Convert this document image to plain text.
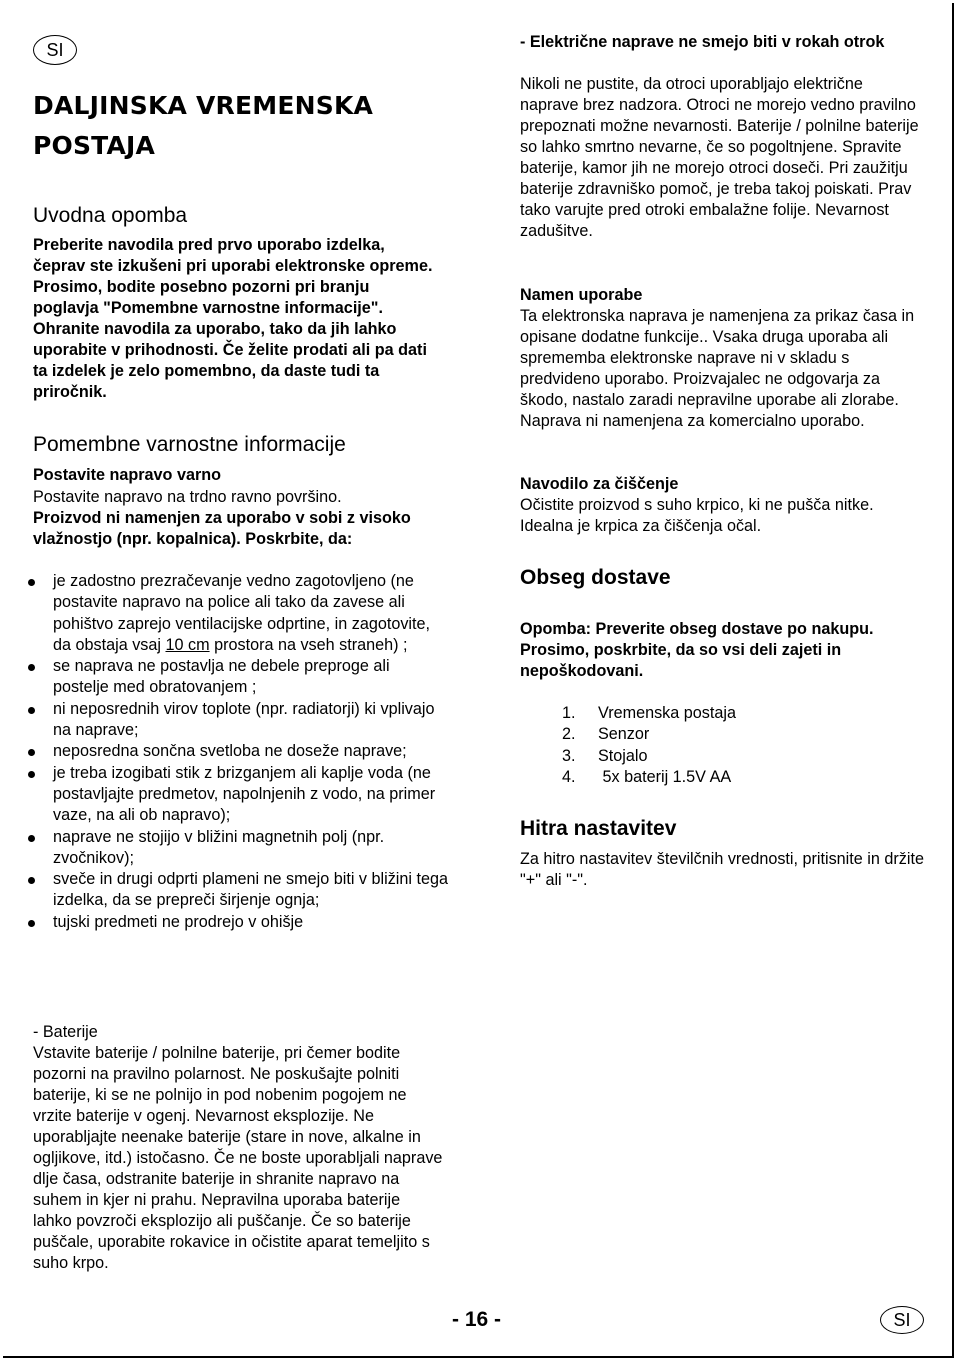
SI
DALJINSKA VREMENSKA
POSTAJA
Uvodna opomba

Preberite navodila pred prvo uporabo izdelka, čeprav ste izkušeni pri uporabi elektronske opreme. Prosimo, bodite posebno pozorni pri branju poglavja "Pomembne varnostne informacije". Ohranite navodila za uporabo, tako da jih lahko uporabite v prihodnosti. Če želite prodati ali pa dati ta izdelek je zelo pomembno, da daste tudi ta priročnik.

Pomembne varnostne informacije

Postavite napravo varno

Postavite napravo na trdno ravno površino.

Proizvod ni namenjen za uporabo v sobi z visoko vlažnostjo (npr. kopalnica). Poskrbite, da:

je zadostno prezračevanje vedno zagotovljeno (ne postavite napravo na police ali tako da zavese ali pohištvo zaprejo ventilacijske odprtine, in zagotovite, da obstaja vsaj 10 cm prostora na vseh straneh) ;
se naprava ne postavlja ne debele preproge ali postelje med obratovanjem ;
ni neposrednih virov toplote (npr. radiatorji) ki vplivajo na naprave;
neposredna sončna svetloba ne doseže naprave;
je treba izogibati stik z brizganjem ali kaplje voda (ne postavljajte predmetov, napolnjenih z vodo, na primer vaze, na ali ob napravo);
naprave ne stojijo v bližini magnetnih polj (npr. zvočnikov);
sveče in drugi odprti plameni ne smejo biti v bližini tega izdelka, da se prepreči širjenje ognja;
tujski predmeti ne prodrejo v ohišje

- Baterije

Vstavite baterije / polnilne baterije, pri čemer bodite pozorni na pravilno polarnost. Ne poskušajte polniti baterije, ki se ne polnijo in pod nobenim pogojem ne vrzite baterije v ogenj. Nevarnost eksplozije. Ne uporabljajte neenake baterije (stare in nove, alkalne in ogljikove, itd.) istočasno. Če ne boste uporabljali naprave dlje časa, odstranite baterije in shranite napravo na suhem in kjer ni prahu. Nepravilna uporaba baterije lahko povzroči eksplozijo ali puščanje. Če so baterije puščale, uporabite rokavice in očistite aparat temeljito s suho krpo.

- Električne naprave ne smejo biti v rokah otrok

Nikoli ne pustite, da otroci uporabljajo električne naprave brez nadzora. Otroci ne morejo vedno pravilno prepoznati možne nevarnosti. Baterije / polnilne baterije so lahko smrtno nevarne, če so pogoltnjene. Spravite baterije, kamor jih ne morejo otroci doseči. Pri zaužitju baterije zdravniško pomoč, je treba takoj poiskati. Prav tako varujte pred otroki embalažne folije. Nevarnost zadušitve.

Namen uporabe

Ta elektronska naprava je namenjena za prikaz časa in opisane dodatne funkcije.. Vsaka druga uporaba ali sprememba elektronske naprave ni v skladu s predvideno uporabo. Proizvajalec ne odgovarja za škodo, nastalo zaradi nepravilne uporabe ali zlorabe. Naprava ni namenjena za komercialno uporabo.

Navodilo za čiščenje

Očistite proizvod s suho krpico, ki ne pušča nitke. Idealna je krpica za čiščenja očal.

Obseg dostave

Opomba: Preverite obseg dostave po nakupu. Prosimo, poskrbite, da so vsi deli zajeti in nepoškodovani.

1.	Vremenska postaja
2.	Senzor
3.	Stojalo
4.	5x baterij 1.5V AA
Hitra nastavitev

Za hitro nastavitev številčnih vrednosti, pritisnite in držite "+" ali "-".

- 16 -	SI
